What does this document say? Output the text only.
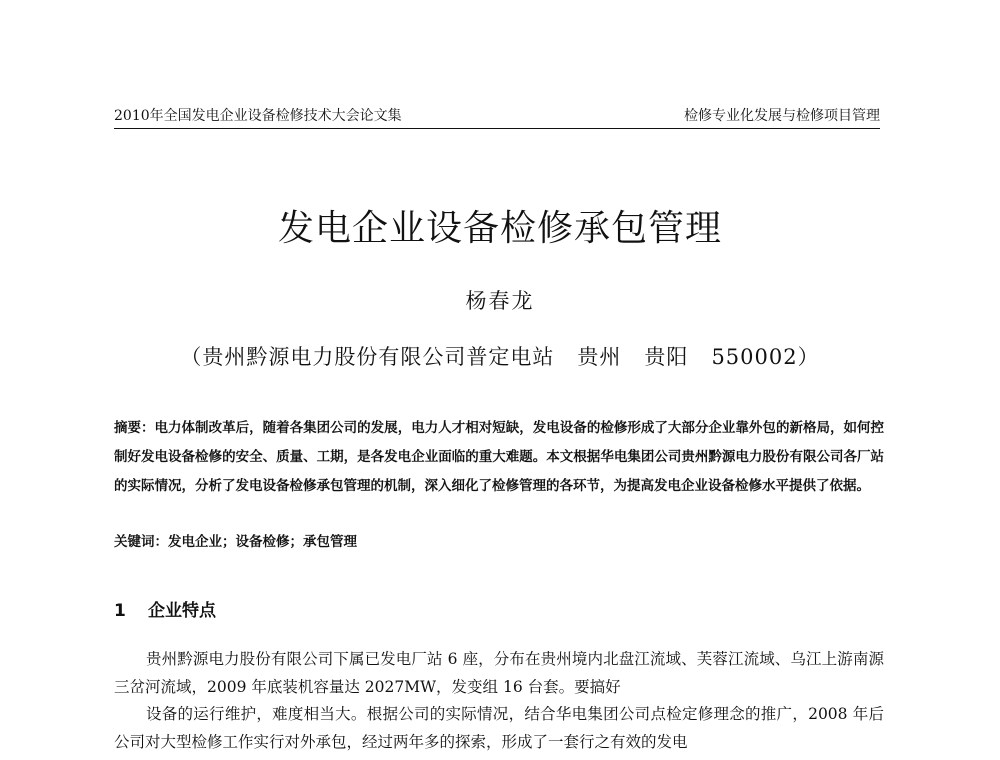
2010年全国发电企业设备检修技术大会论文集	检修专业化发展与检修项目管理
发电企业设备检修承包管理
杨春龙
（贵州黔源电力股份有限公司普定电站   贵州   贵阳   550002）
摘要：电力体制改革后，随着各集团公司的发展，电力人才相对短缺，发电设备的检修形成了大部分企业靠外包的新格局，如何控制好发电设备检修的安全、质量、工期，是各发电企业面临的重大难题。本文根据华电集团公司贵州黔源电力股份有限公司各厂站的实际情况，分析了发电设备检修承包管理的机制，深入细化了检修管理的各环节，为提高发电企业设备检修水平提供了依据。
关键词：发电企业；设备检修；承包管理
1 企业特点

贵州黔源电力股份有限公司下属已发电厂站 6 座，分布在贵州境内北盘江流域、芙蓉江流域、乌江上游南源三岔河流域，2009 年底装机容量达 2027MW，发变组 16 台套。要搞好

设备的运行维护，难度相当大。根据公司的实际情况，结合华电集团公司点检定修理念的推广，2008 年后公司对大型检修工作实行对外承包，经过两年多的探索，形成了一套行之有效的发电
